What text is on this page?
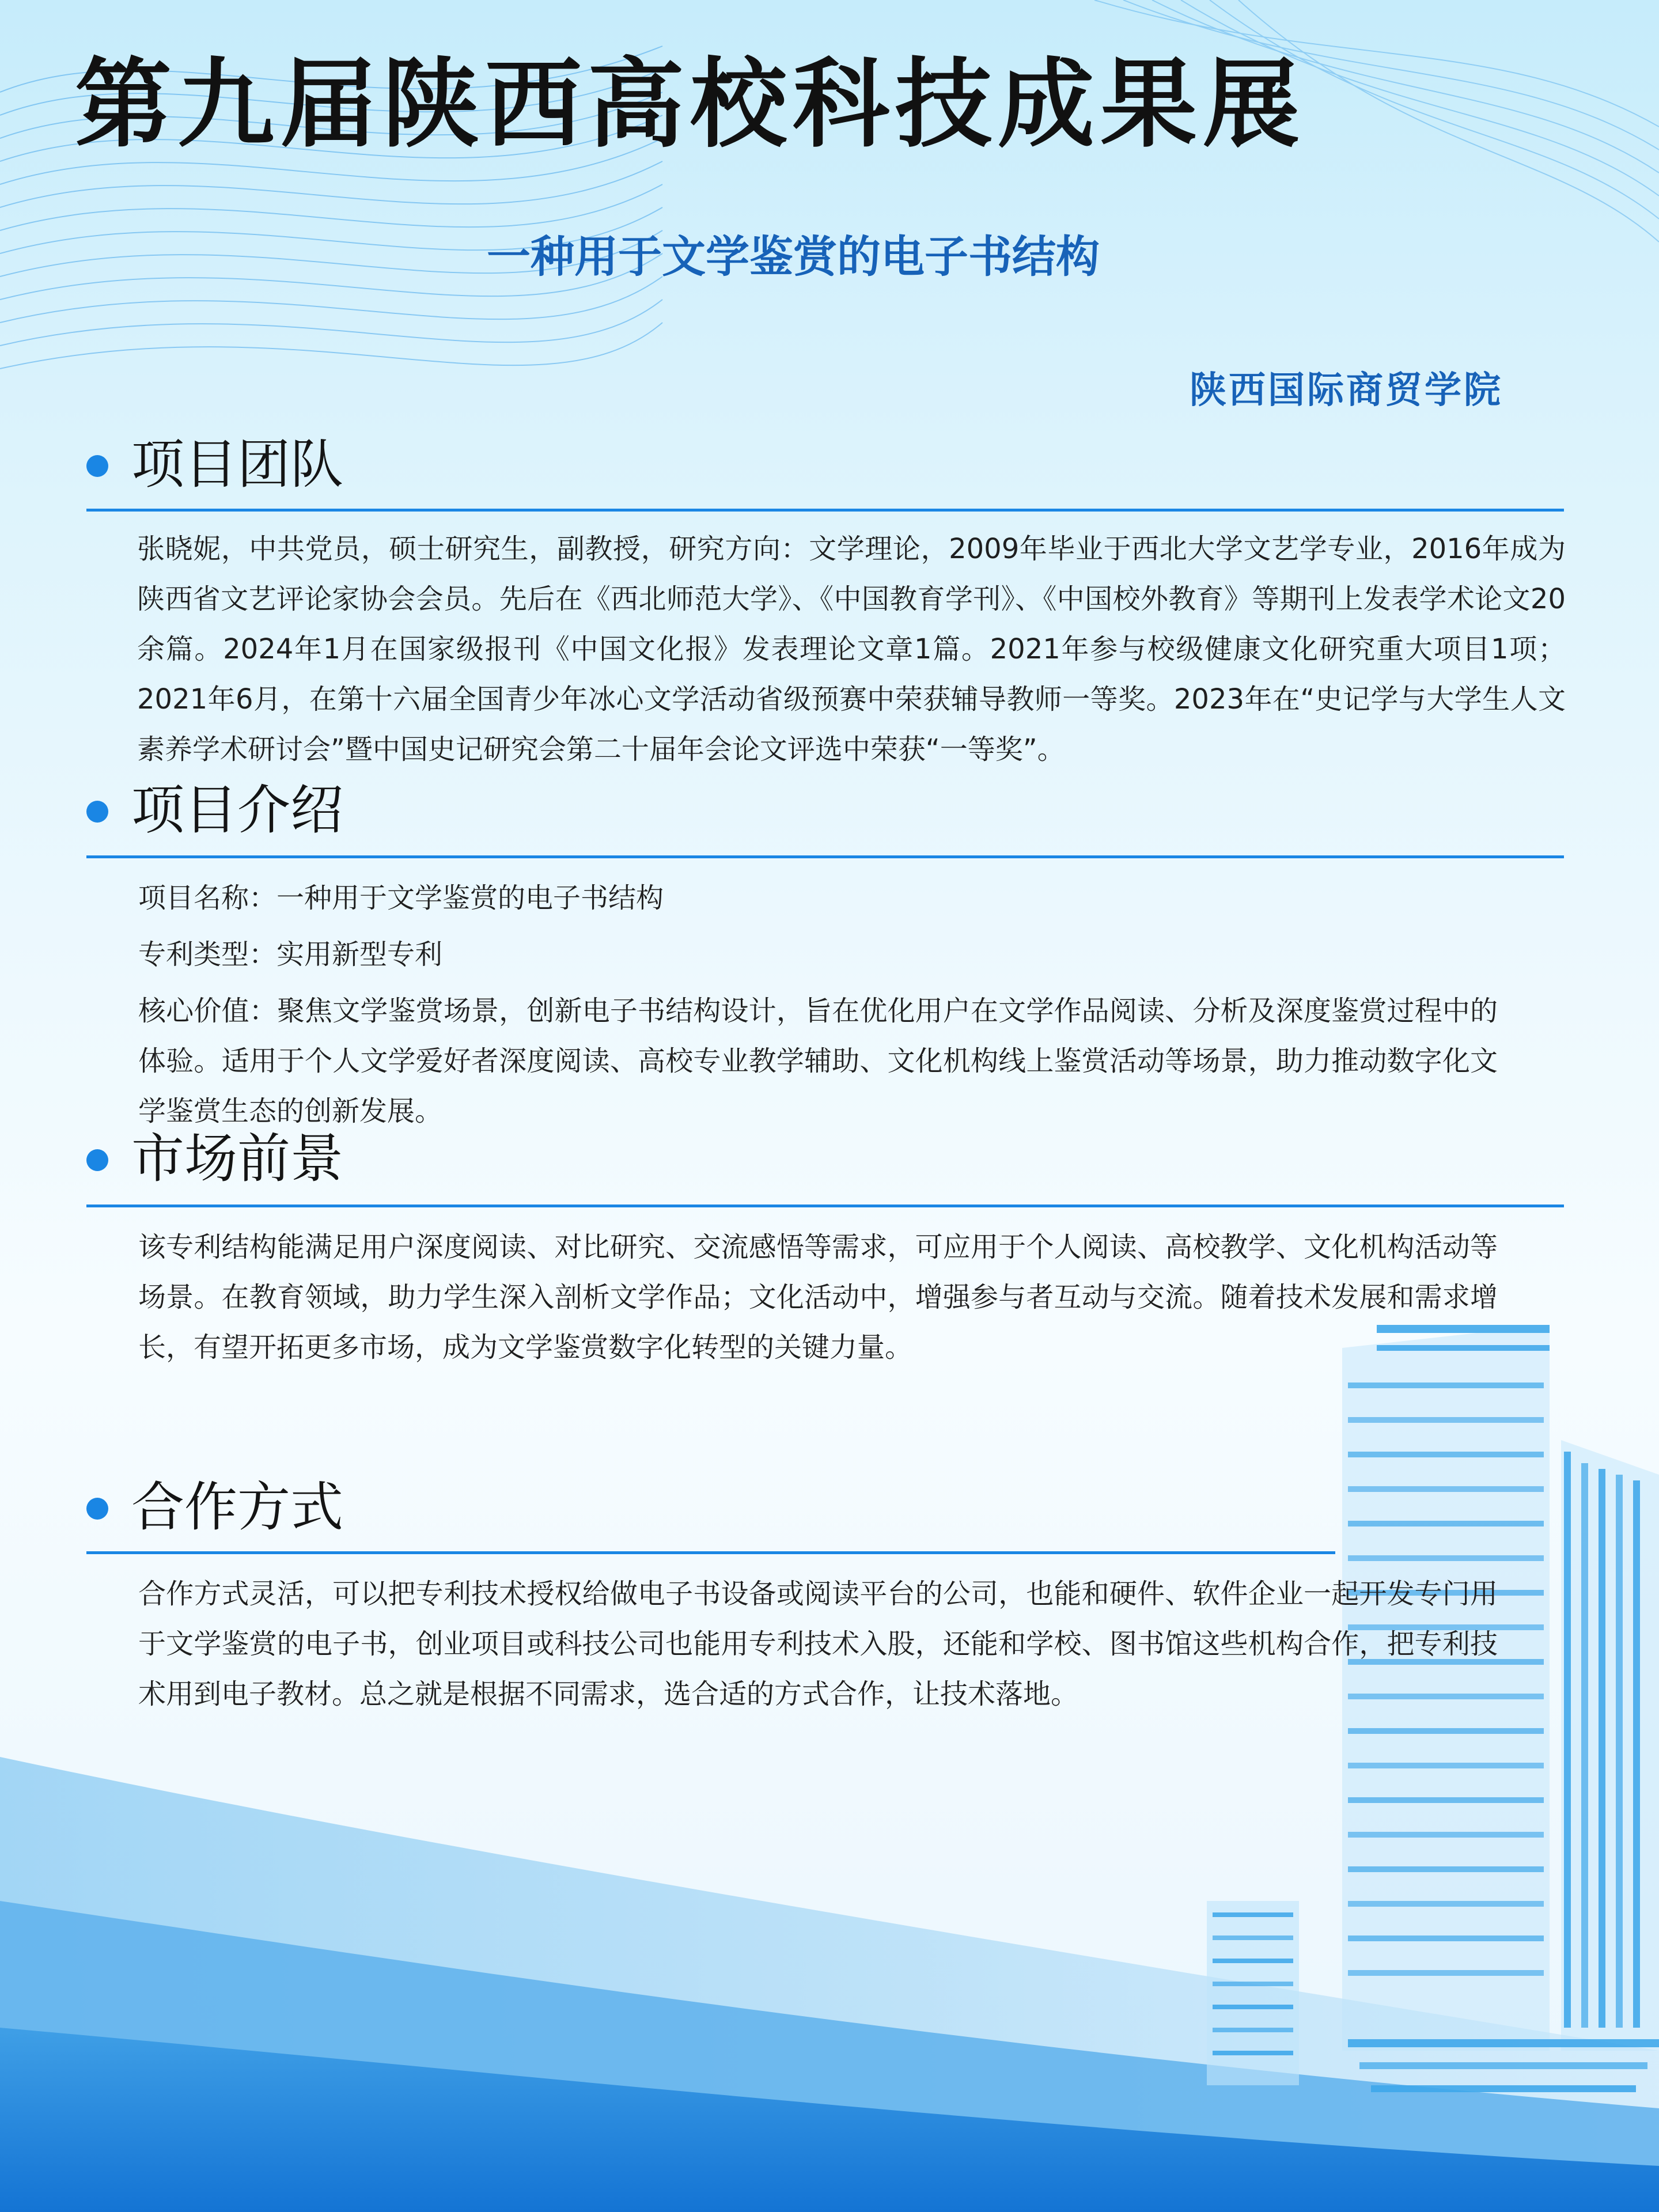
第九届陕西高校科技成果展
一种用于文学鉴赏的电子书结构
陕西国际商贸学院
项目团队

张晓妮，中共党员，硕士研究生，副教授，研究方向：文学理论，2009年毕业于西北大学文艺学专业，2016年成为陕西省文艺评论家协会会员。先后在《西北师范大学》、《中国教育学刊》、《中国校外教育》等期刊上发表学术论文20余篇。2024年1月在国家级报刊《中国文化报》发表理论文章1篇。2021年参与校级健康文化研究重大项目1项；2021年6月，在第十六届全国青少年冰心文学活动省级预赛中荣获辅导教师一等奖。2023年在“史记学与大学生人文素养学术研讨会”暨中国史记研究会第二十届年会论文评选中荣获“一等奖”。

项目介绍

项目名称：一种用于文学鉴赏的电子书结构

专利类型：实用新型专利

核心价值：聚焦文学鉴赏场景，创新电子书结构设计，旨在优化用户在文学作品阅读、分析及深度鉴赏过程中的体验。适用于个人文学爱好者深度阅读、高校专业教学辅助、文化机构线上鉴赏活动等场景，助力推动数字化文学鉴赏生态的创新发展。

市场前景

该专利结构能满足用户深度阅读、对比研究、交流感悟等需求，可应用于个人阅读、高校教学、文化机构活动等场景。在教育领域，助力学生深入剖析文学作品；文化活动中，增强参与者互动与交流。随着技术发展和需求增长，有望开拓更多市场，成为文学鉴赏数字化转型的关键力量。

合作方式

合作方式灵活，可以把专利技术授权给做电子书设备或阅读平台的公司，也能和硬件、软件企业一起开发专门用于文学鉴赏的电子书，创业项目或科技公司也能用专利技术入股，还能和学校、图书馆这些机构合作，把专利技术用到电子教材。总之就是根据不同需求，选合适的方式合作，让技术落地。
